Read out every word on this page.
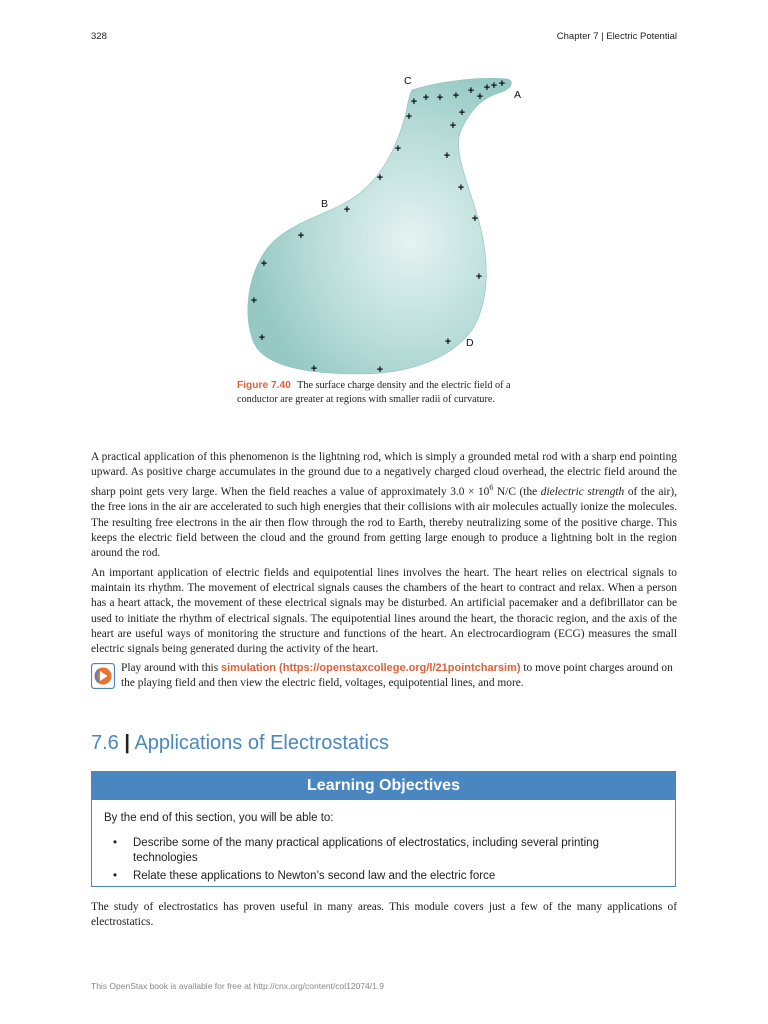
328	Chapter 7 | Electric Potential
+ + + + + +
+ + +
+
+
+
+
+
+
+
+
+
+
+
+
+
+	+
+	+
C
A
B
D
Figure 7.40 The surface charge density and the electric field of a conductor are greater at regions with smaller radii of curvature.
A practical application of this phenomenon is the lightning rod, which is simply a grounded metal rod with a sharp end pointing upward. As positive charge accumulates in the ground due to a negatively charged cloud overhead, the electric field around the sharp point gets very large. When the field reaches a value of approximately $3.0 \times 10^6$ N/C (the dielectric strength of the air), the free ions in the air are accelerated to such high energies that their collisions with air molecules actually ionize the molecules. The resulting free electrons in the air then flow through the rod to Earth, thereby neutralizing some of the positive charge. This keeps the electric field between the cloud and the ground from getting large enough to produce a lightning bolt in the region around the rod.
An important application of electric fields and equipotential lines involves the heart. The heart relies on electrical signals to maintain its rhythm. The movement of electrical signals causes the chambers of the heart to contract and relax. When a person has a heart attack, the movement of these electrical signals may be disturbed. An artificial pacemaker and a defibrillator can be used to initiate the rhythm of electrical signals. The equipotential lines around the heart, the thoracic region, and the axis of the heart are useful ways of monitoring the structure and functions of the heart. An electrocardiogram (ECG) measures the small electric signals being generated during the activity of the heart.
Play around with this simulation (https://openstaxcollege.org/l/21pointcharsim) to move point charges around on the playing field and then view the electric field, voltages, equipotential lines, and more.
7.6 | Applications of Electrostatics
Learning Objectives
By the end of this section, you will be able to:
• Describe some of the many practical applications of electrostatics, including several printing technologies
• Relate these applications to Newton’s second law and the electric force
The study of electrostatics has proven useful in many areas. This module covers just a few of the many applications of electrostatics.
This OpenStax book is available for free at http://cnx.org/content/col12074/1.9
